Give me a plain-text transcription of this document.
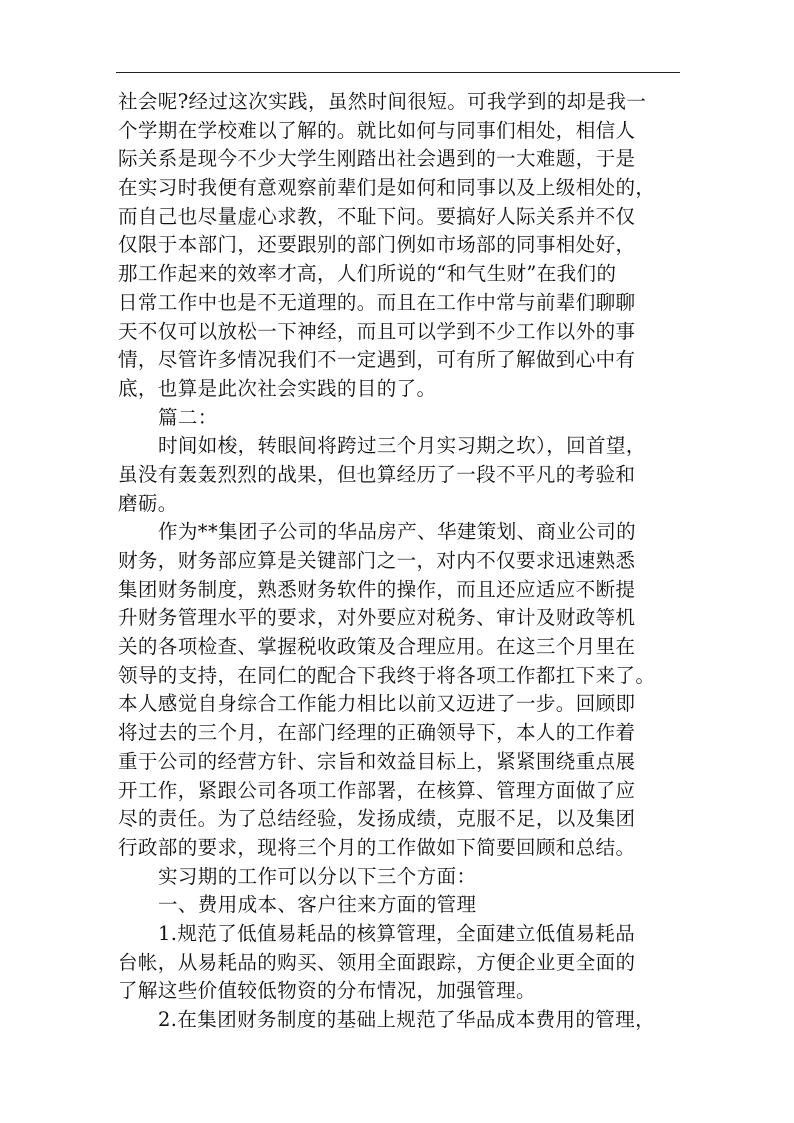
社会呢?经过这次实践，虽然时间很短。可我学到的却是我一
个学期在学校难以了解的。就比如何与同事们相处，相信人
际关系是现今不少大学生刚踏出社会遇到的一大难题，于是
在实习时我便有意观察前辈们是如何和同事以及上级相处的，
而自己也尽量虚心求教，不耻下问。要搞好人际关系并不仅
仅限于本部门，还要跟别的部门例如市场部的同事相处好，
那工作起来的效率才高，人们所说的“和气生财”在我们的
日常工作中也是不无道理的。而且在工作中常与前辈们聊聊
天不仅可以放松一下神经，而且可以学到不少工作以外的事
情，尽管许多情况我们不一定遇到，可有所了解做到心中有
底，也算是此次社会实践的目的了。
篇二：
时间如梭，转眼间将跨过三个月实习期之坎），回首望，
虽没有轰轰烈烈的战果，但也算经历了一段不平凡的考验和
磨砺。
作为**集团子公司的华品房产、华建策划、商业公司的
财务，财务部应算是关键部门之一，对内不仅要求迅速熟悉
集团财务制度，熟悉财务软件的操作，而且还应适应不断提
升财务管理水平的要求，对外要应对税务、审计及财政等机
关的各项检查、掌握税收政策及合理应用。在这三个月里在
领导的支持，在同仁的配合下我终于将各项工作都扛下来了。
本人感觉自身综合工作能力相比以前又迈进了一步。回顾即
将过去的三个月，在部门经理的正确领导下，本人的工作着
重于公司的经营方针、宗旨和效益目标上，紧紧围绕重点展
开工作，紧跟公司各项工作部署，在核算、管理方面做了应
尽的责任。为了总结经验，发扬成绩，克服不足，以及集团
行政部的要求，现将三个月的工作做如下简要回顾和总结。
实习期的工作可以分以下三个方面：
一、费用成本、客户往来方面的管理
1.规范了低值易耗品的核算管理，全面建立低值易耗品
台帐，从易耗品的购买、领用全面跟踪，方便企业更全面的
了解这些价值较低物资的分布情况，加强管理。
2.在集团财务制度的基础上规范了华品成本费用的管理，
